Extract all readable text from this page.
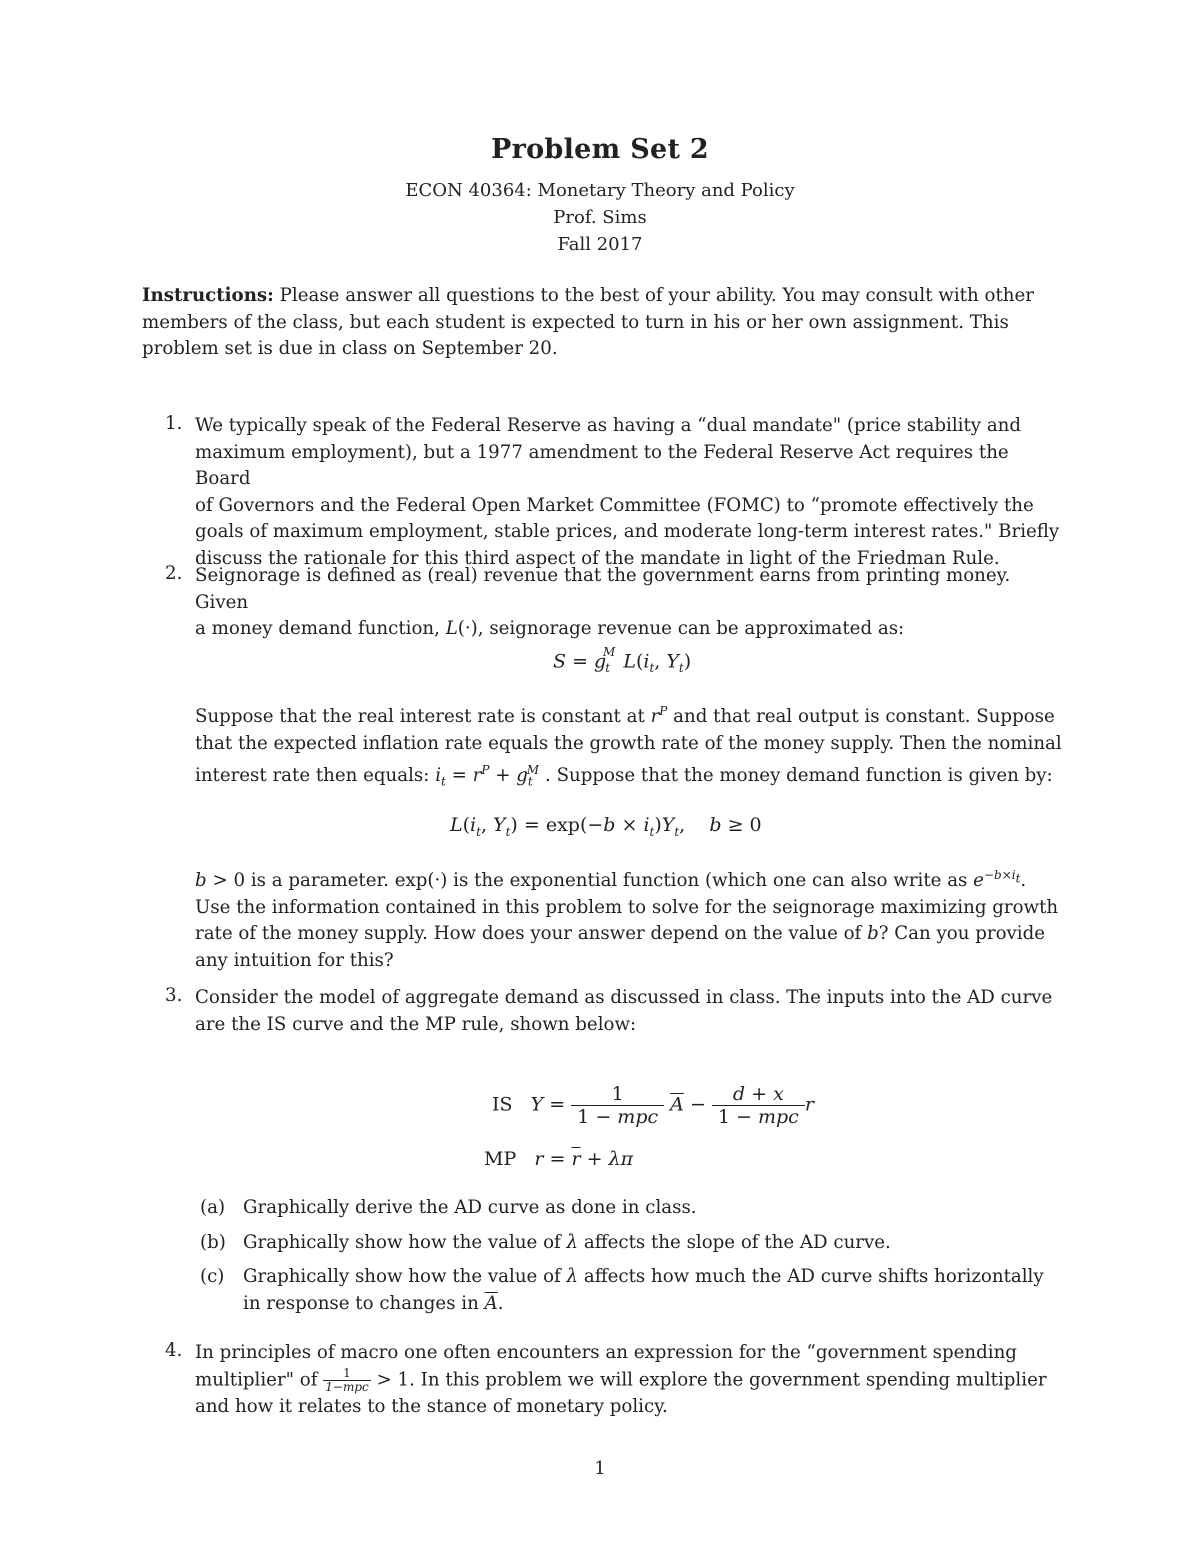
Problem Set 2
ECON 40364: Monetary Theory and Policy
Prof. Sims
Fall 2017
Instructions: Please answer all questions to the best of your ability. You may consult with other
members of the class, but each student is expected to turn in his or her own assignment. This
problem set is due in class on September 20.
1. We typically speak of the Federal Reserve as having a “dual mandate" (price stability and
maximum employment), but a 1977 amendment to the Federal Reserve Act requires the Board
of Governors and the Federal Open Market Committee (FOMC) to “promote effectively the
goals of maximum employment, stable prices, and moderate long-term interest rates." Briefly
discuss the rationale for this third aspect of the mandate in light of the Friedman Rule.
2. Seignorage is defined as (real) revenue that the government earns from printing money. Given
a money demand function, L(·), seignorage revenue can be approximated as:
$S = g_t^M$ $L(i_t$, $Y_t$)
Suppose that the real interest rate is constant at $r^P$ and that real output is constant. Suppose
that the expected inflation rate equals the growth rate of the money supply. Then the nominal
interest rate then equals: $i_t = r^P + g_t^M$ . Suppose that the money demand function is given by:
$L(i_t$, $Y_t) = \exp(-b \times i_t)Y_t$,    b ≥ 0
b > 0 is a parameter. exp(·) is the exponential function (which one can also write as $e^{-b\times i_t}$.
Use the information contained in this problem to solve for the seignorage maximizing growth
rate of the money supply. How does your answer depend on the value of b? Can you provide
any intuition for this?
3. Consider the model of aggregate demand as discussed in class. The inputs into the AD curve
are the IS curve and the MP rule, shown below:
IS $Y = \frac{1}{\text{1 − mpc}} \overline{A} - \frac{d + x}{\text{1 − mpc}}$ r
MP $r = \overline{r} + \lambda\pi$
(a) Graphically derive the AD curve as done in class.
(b) Graphically show how the value of λ affects the slope of the AD curve.
(c) Graphically show how the value of λ affects how much the AD curve shifts horizontally
in response to changes in $\overline{A}$.
4. In principles of macro one often encounters an expression for the “government spending
multiplier" of $\frac{1}{\text{1−mpc}} > 1$. In this problem we will explore the government spending multiplier
and how it relates to the stance of monetary policy.
1
